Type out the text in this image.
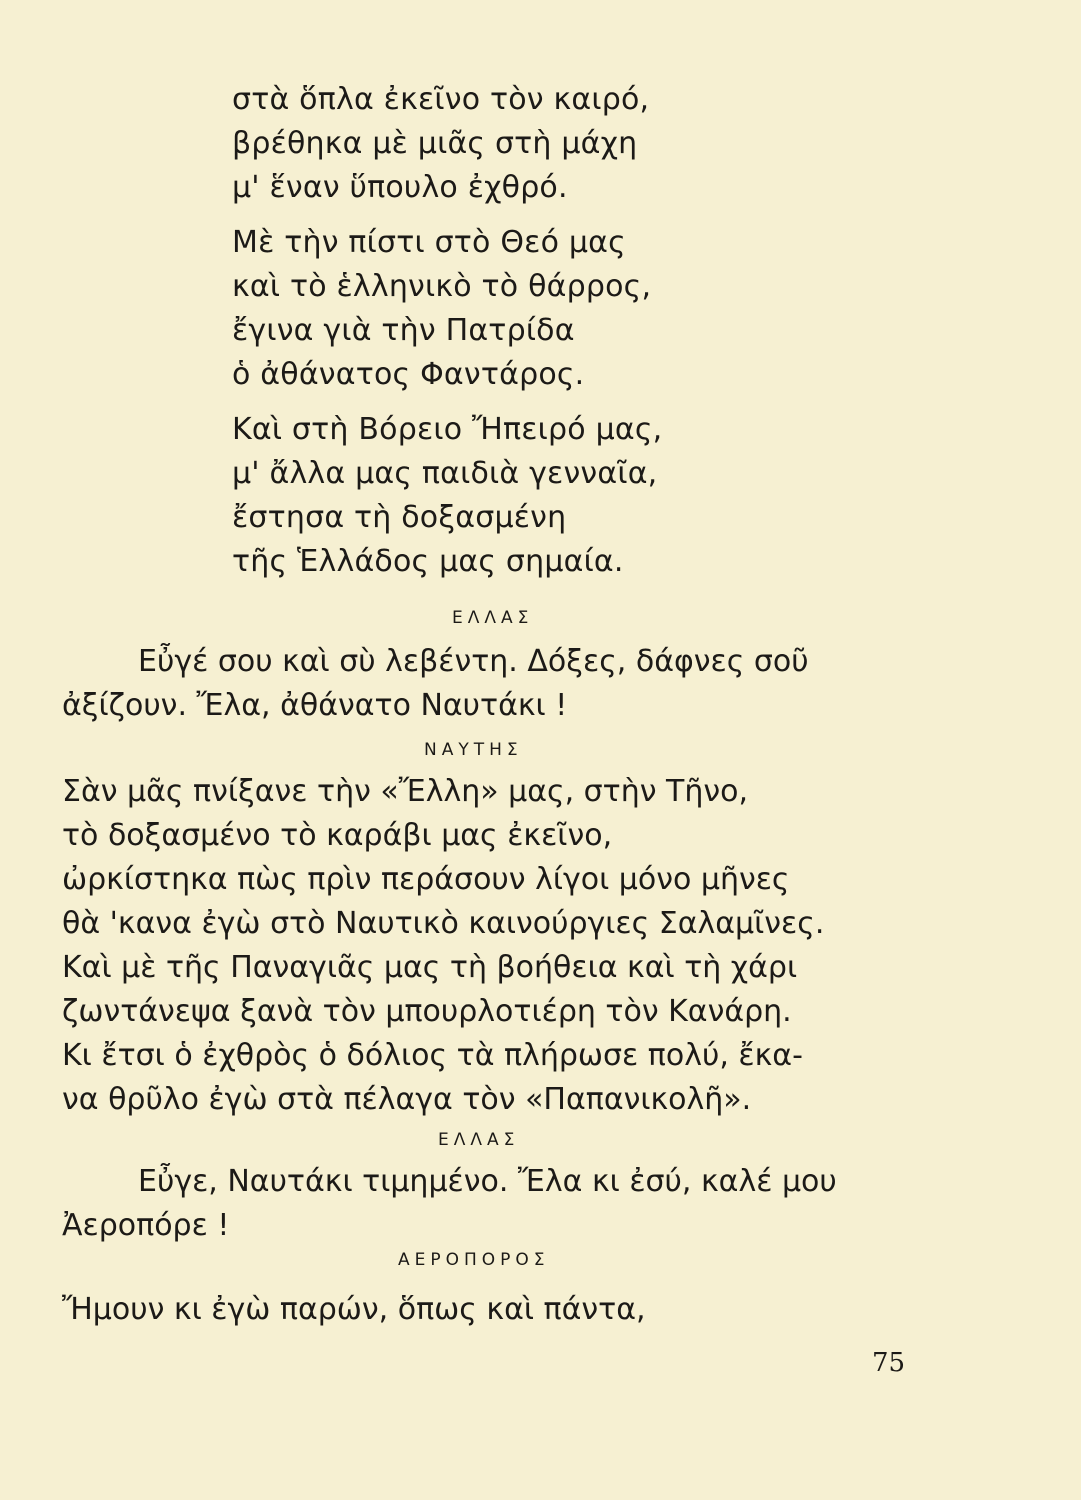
στὰ ὅπλα ἐκεῖνο τὸν καιρό,
βρέθηκα μὲ μιᾶς στὴ μάχη
μ' ἕναν ὕπουλο ἐχθρό.
Μὲ τὴν πίστι στὸ Θεό μας
καὶ τὸ ἑλληνικὸ τὸ θάρρος,
ἔγινα γιὰ τὴν Πατρίδα
ὁ ἀθάνατος Φαντάρος.
Καὶ στὴ Βόρειο Ἤπειρό μας,
μ' ἄλλα μας παιδιὰ γενναῖα,
ἔστησα τὴ δοξασμένη
τῆς Ἑλλάδος μας σημαία.
ΕΛΛΑΣ
Εὖγέ σου καὶ σὺ λεβέντη. Δόξες, δάφνες σοῦ
ἀξίζουν. Ἔλα, ἀθάνατο Ναυτάκι !
ΝΑΥΤΗΣ
Σὰν μᾶς πνίξανε τὴν «Ἔλλη» μας, στὴν Τῆνο,
τὸ δοξασμένο τὸ καράβι μας ἐκεῖνο,
ὠρκίστηκα πὼς πρὶν περάσουν λίγοι μόνο μῆνες
θὰ 'κανα ἐγὼ στὸ Ναυτικὸ καινούργιες Σαλαμῖνες.
Καὶ μὲ τῆς Παναγιᾶς μας τὴ βοήθεια καὶ τὴ χάρι
ζωντάνεψα ξανὰ τὸν μπουρλοτιέρη τὸν Κανάρη.
Κι ἔτσι ὁ ἐχθρὸς ὁ δόλιος τὰ πλήρωσε πολύ, ἔκα-
να θρῦλο ἐγὼ στὰ πέλαγα τὸν «Παπανικολῆ».
ΕΛΛΑΣ
Εὖγε, Ναυτάκι τιμημένο. Ἔλα κι ἐσύ, καλέ μου
Ἀεροπόρε !
ΑΕΡΟΠΟΡΟΣ
Ἤμουν κι ἐγὼ παρών, ὅπως καὶ πάντα,
75
